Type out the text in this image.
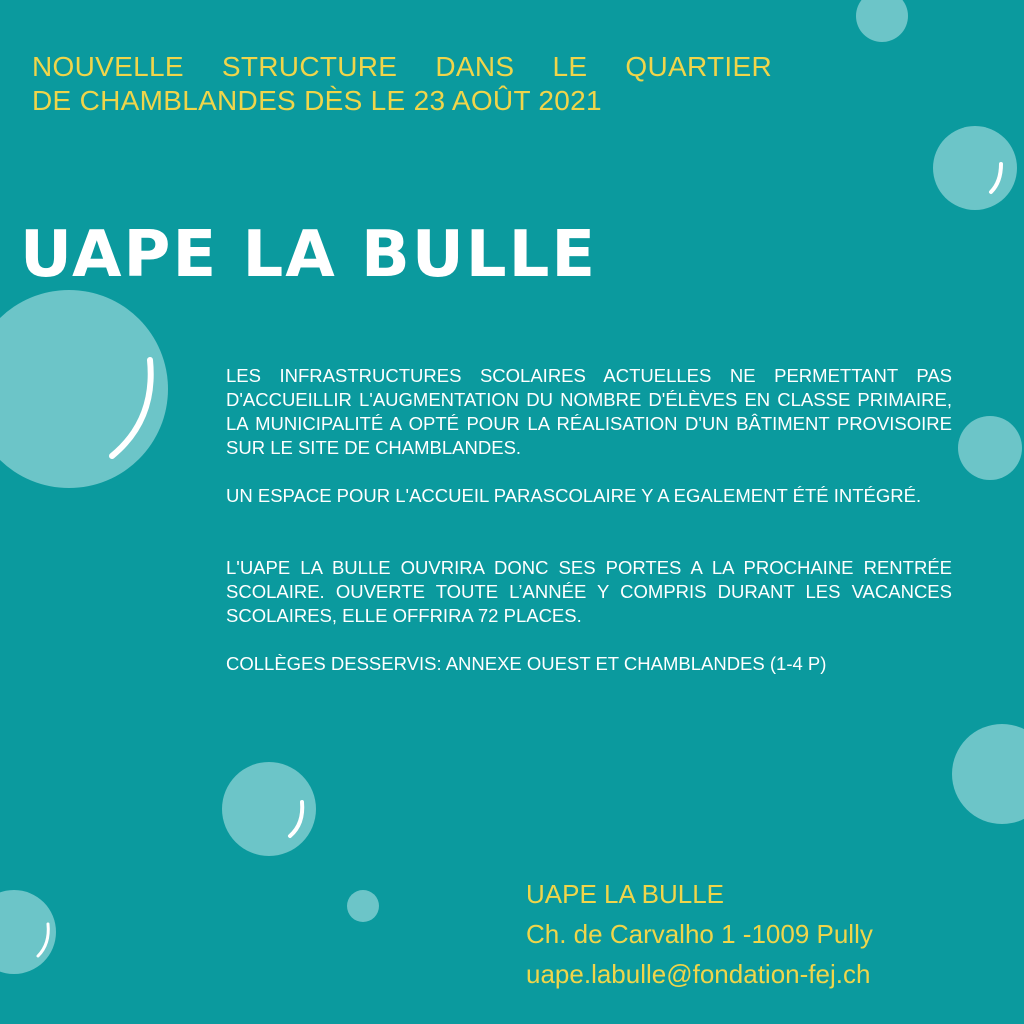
NOUVELLE STRUCTURE DANS LE QUARTIER
DE CHAMBLANDES DÈS LE 23 AOÛT 2021
UAPE LA BULLE

LES INFRASTRUCTURES SCOLAIRES ACTUELLES NE PERMETTANT PAS D'ACCUEILLIR L'AUGMENTATION DU NOMBRE D'ÉLÈVES EN CLASSE PRIMAIRE, LA MUNICIPALITÉ A OPTÉ POUR LA RÉALISATION D'UN BÂTIMENT PROVISOIRE SUR LE SITE DE CHAMBLANDES.

UN ESPACE POUR L'ACCUEIL PARASCOLAIRE Y A EGALEMENT ÉTÉ INTÉGRÉ.

L'UAPE LA BULLE OUVRIRA DONC SES PORTES A LA PROCHAINE RENTRÉE SCOLAIRE. OUVERTE TOUTE L’ANNÉE Y COMPRIS DURANT LES VACANCES SCOLAIRES, ELLE OFFRIRA 72 PLACES.

COLLÈGES DESSERVIS: ANNEXE OUEST ET CHAMBLANDES (1-4 P)

UAPE LA BULLE
Ch. de Carvalho 1 -1009 Pully
uape.labulle@fondation-fej.ch
